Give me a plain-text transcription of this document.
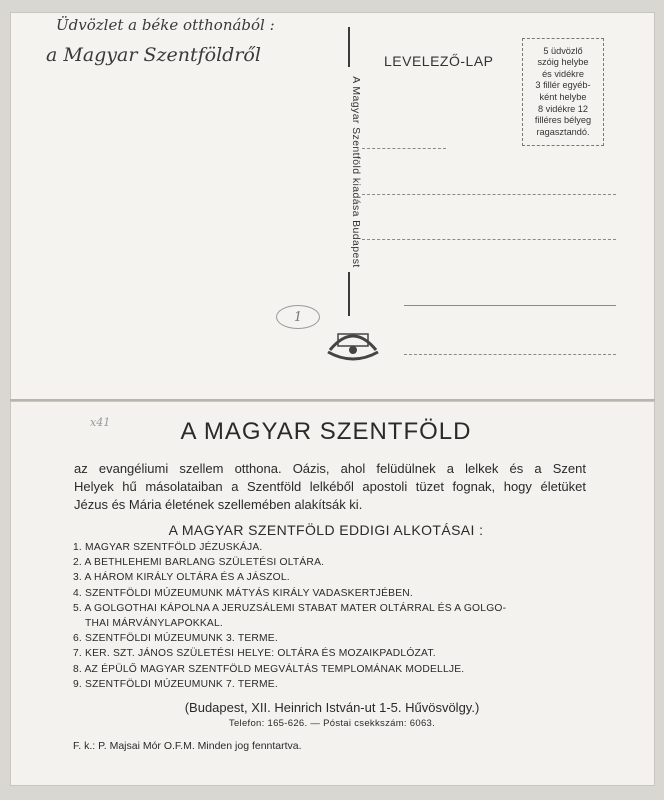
Üdvözlet a béke otthonából :
a Magyar Szentföldről
A Magyar Szentföld kiadása Budapest
LEVELEZŐ-LAP
5 üdvözlő
szóig helybe
és vidékre
3 fillér egyéb-
ként helybe
8 vidékre 12
filléres bélyeg
ragasztandó.
1
x41	A MAGYAR SZENTFÖLD
az evangéliumi szellem otthona. Oázis, ahol felüdülnek a lelkek és a Szent
Helyek hű másolataiban a Szentföld lelkéből apostoli tüzet fognak, hogy életüket
Jézus és Mária életének szellemében alakítsák ki.
A MAGYAR SZENTFÖLD EDDIGI ALKOTÁSAI :
1. MAGYAR SZENTFÖLD JÉZUSKÁJA.
2. A BETHLEHEMI BARLANG SZÜLETÉSI OLTÁRA.
3. A HÁROM KIRÁLY OLTÁRA ÉS A JÁSZOL.
4. SZENTFÖLDI MÚZEUMUNK MÁTYÁS KIRÁLY VADASKERTJÉBEN.
5. A GOLGOTHAI KÁPOLNA A JERUZSÁLEMI STABAT MATER OLTÁRRAL ÉS A GOLGO-
THAI MÁRVÁNYLAPOKKAL.
6. SZENTFÖLDI MÚZEUMUNK 3. TERME.
7. KER. SZT. JÁNOS SZÜLETÉSI HELYE: OLTÁRA ÉS MOZAIKPADLÓZAT.
8. AZ ÉPÜLŐ MAGYAR SZENTFÖLD MEGVÁLTÁS TEMPLOMÁNAK MODELLJE.
9. SZENTFÖLDI MÚZEUMUNK 7. TERME.
(Budapest, XII. Heinrich István-ut 1-5. Hűvösvölgy.)
Telefon: 165-626. — Póstai csekkszám: 6063.
F. k.: P. Majsai Mór O.F.M. Minden jog fenntartva.
